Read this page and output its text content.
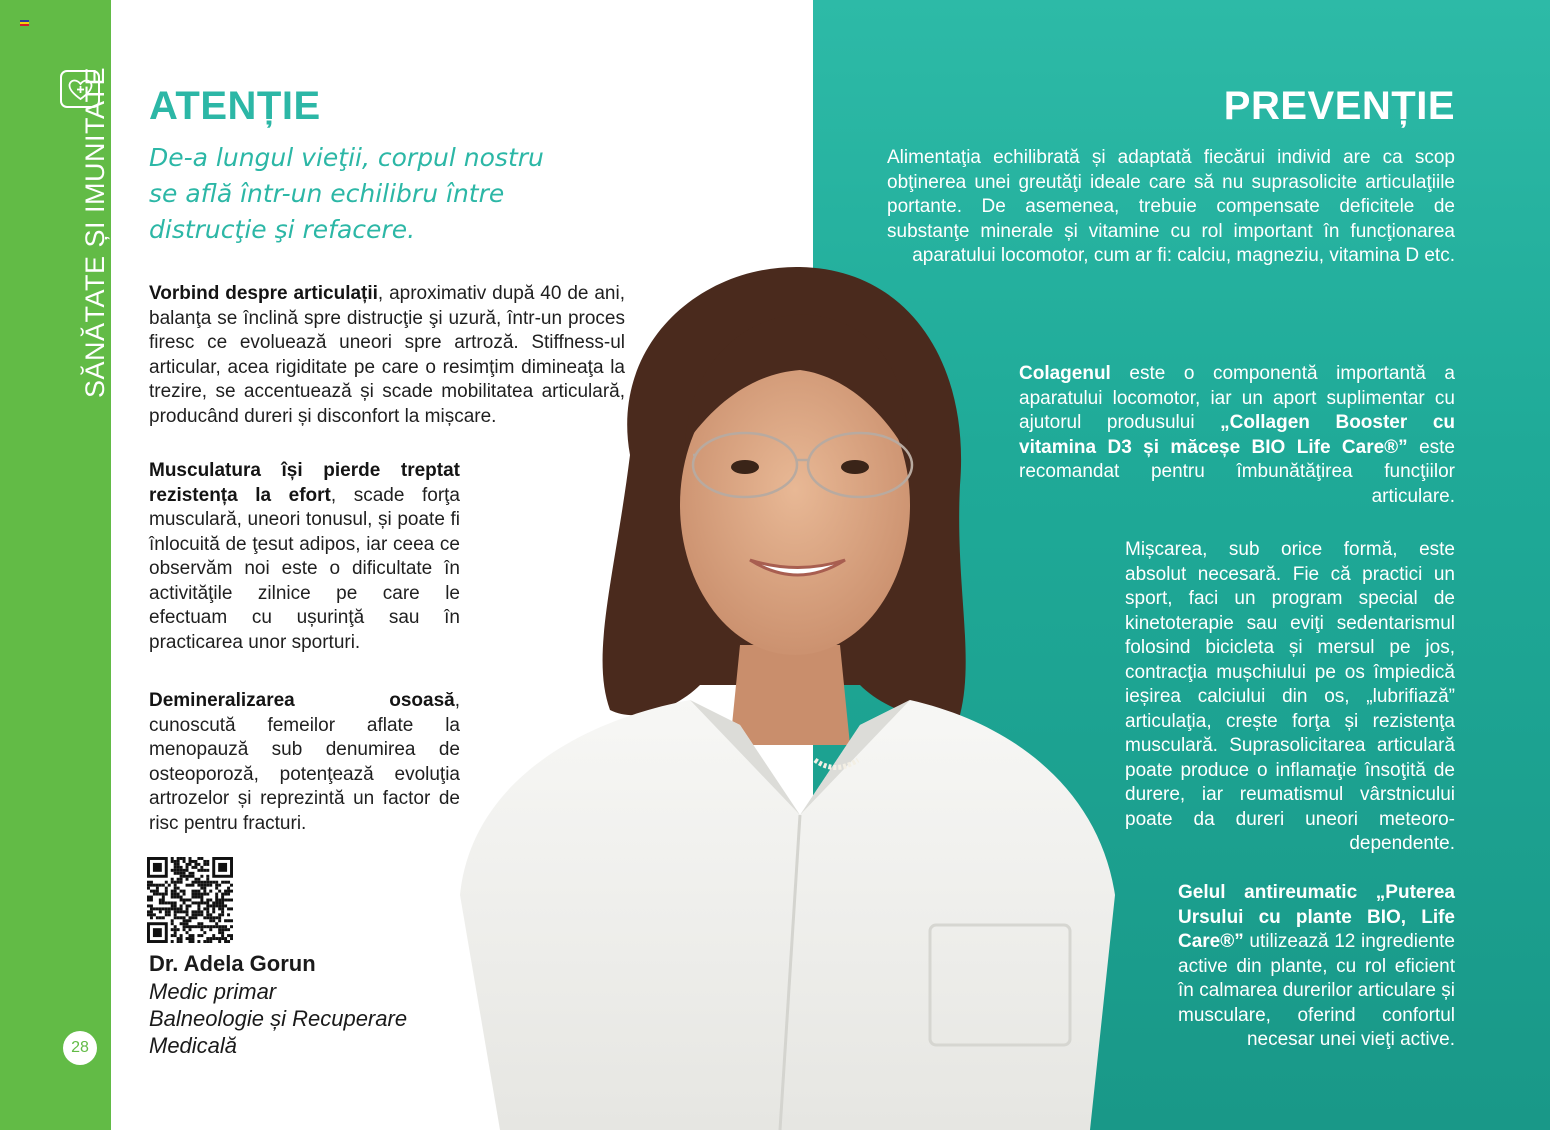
SĂNĂTATE ȘI IMUNITATE
28
ATENȚIE
De-a lungul vieţii, corpul nostru se află într-un echilibru între distrucţie şi refacere.
Vorbind despre articulații, aproximativ după 40 de ani, balanţa se înclină spre distrucţie şi uzură, într-un proces firesc ce evoluează uneori spre artroză. Stiffness-ul articular, acea rigiditate pe care o resimţim dimineaţa la trezire, se accentuează și scade mobilitatea articulară, producând dureri și disconfort la mișcare.
Musculatura își pierde treptat rezistența la efort, scade forţa musculară, uneori tonusul, și poate fi înlocuită de ţesut adipos, iar ceea ce observăm noi este o dificultate în activităţile zilnice pe care le efectuam cu ușurinţă sau în practicarea unor sporturi.
Demineralizarea osoasă, cunoscută femeilor aflate la menopauză sub denumirea de osteoporoză, potenţează evoluţia artrozelor și reprezintă un factor de risc pentru fracturi.
Dr. Adela Gorun
Medic primar
Balneologie și Recuperare
Medicală
PREVENȚIE
Alimentaţia echilibrată și adaptată fiecărui individ are ca scop obţinerea unei greutăţi ideale care să nu suprasolicite articulaţiile portante. De asemenea, trebuie compensate deficitele de substanţe minerale și vitamine cu rol important în funcţionarea aparatului locomotor, cum ar fi: calciu, magneziu, vitamina D etc.
Colagenul este o componentă importantă a aparatului locomotor, iar un aport suplimentar cu ajutorul produsului „Collagen Booster cu vitamina D3 și măceșe BIO Life Care®” este recomandat pentru îmbunătăţirea funcţiilor articulare.
Mișcarea, sub orice formă, este absolut necesară. Fie că practici un sport, faci un program special de kinetoterapie sau eviţi sedentarismul folosind bicicleta și mersul pe jos, contracţia mușchiului pe os împiedică ieșirea calciului din os, „lubrifiază” articulaţia, crește forţa și rezistenţa musculară. Suprasolicitarea articulară poate produce o inflamaţie însoţită de durere, iar reumatismul vârstnicului poate da dureri uneori meteoro-dependente.
Gelul antireumatic „Puterea Ursului cu plante BIO, Life Care®” utilizează 12 ingrediente active din plante, cu rol eficient în calmarea durerilor articulare și musculare, oferind confortul necesar unei vieţi active.
